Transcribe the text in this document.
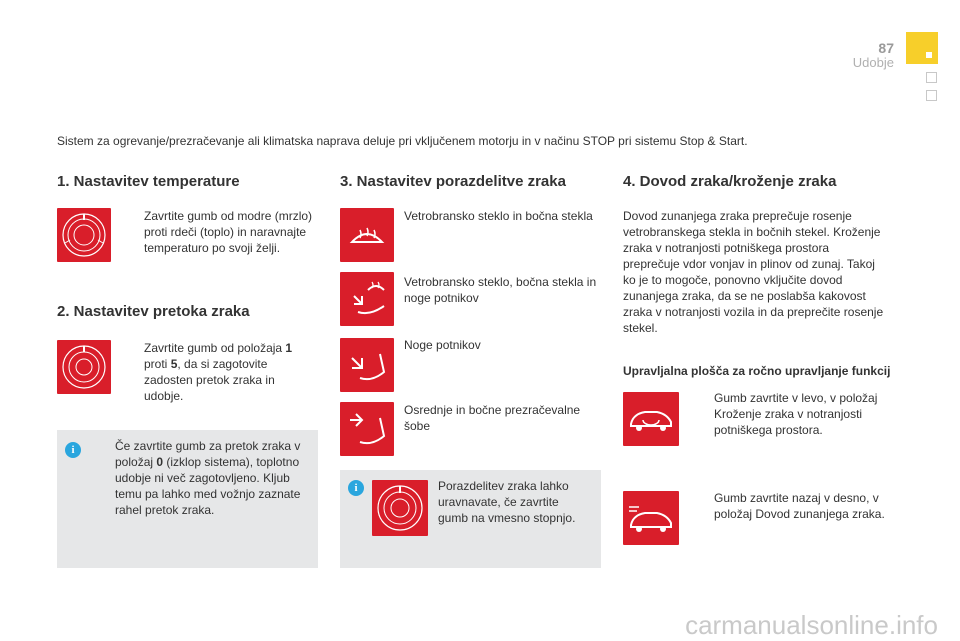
87
Udobje
Sistem za ogrevanje/prezračevanje ali klimatska naprava deluje pri vključenem motorju in v načinu STOP pri sistemu Stop & Start.
1. Nastavitev temperature
Zavrtite gumb od modre (mrzlo) proti rdeči (toplo) in naravnajte temperaturo po svoji želji.
2. Nastavitev pretoka zraka
Zavrtite gumb od položaja 1 proti 5, da si zagotovite zadosten pretok zraka in udobje.
i	Če zavrtite gumb za pretok zraka v položaj 0 (izklop sistema), toplotno udobje ni več zagotovljeno. Kljub temu pa lahko med vožnjo zaznate rahel pretok zraka.
3. Nastavitev porazdelitve zraka
Vetrobransko steklo in bočna stekla
Vetrobransko steklo, bočna stekla in noge potnikov
Noge potnikov
Osrednje in bočne prezračevalne šobe
i	Porazdelitev zraka lahko uravnavate, če zavrtite gumb na vmesno stopnjo.
4. Dovod zraka/kroženje zraka
Dovod zunanjega zraka preprečuje rosenje vetrobranskega stekla in bočnih stekel. Kroženje zraka v notranjosti potniškega prostora preprečuje vdor vonjav in plinov od zunaj. Takoj ko je to mogoče, ponovno vključite dovod zunanjega zraka, da se ne poslabša kakovost zraka v notranjosti vozila in da preprečite rosenje stekel.
Upravljalna plošča za ročno upravljanje funkcij
Gumb zavrtite v levo, v položaj Kroženje zraka v notranjosti potniškega prostora.
Gumb zavrtite nazaj v desno, v položaj Dovod zunanjega zraka.
carmanualsonline.info
